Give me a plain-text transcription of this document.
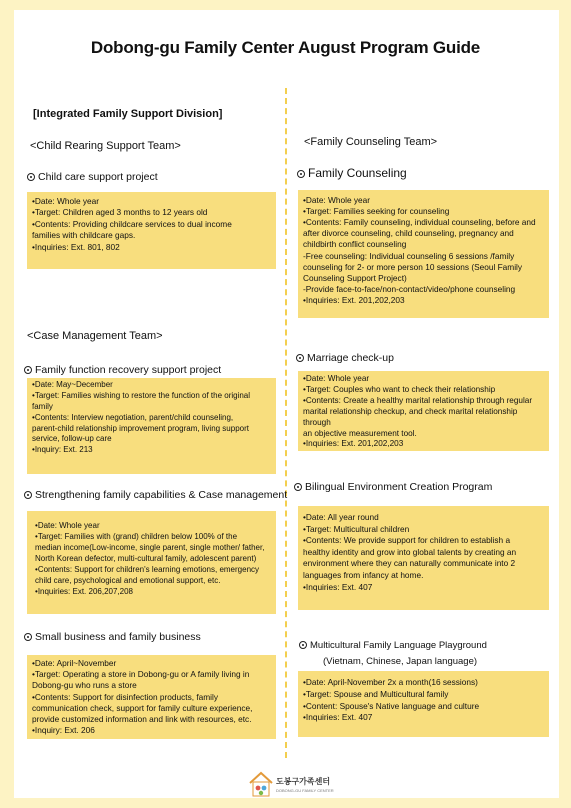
Dobong-gu Family Center August Program Guide
[Integrated Family Support Division]
<Child Rearing Support Team>
Child care support project
• Date: Whole year
• Target: Children aged 3 months to 12 years old
• Contents: Providing childcare services to dual income
families with childcare gaps.
• Inquiries: Ext. 801, 802
<Case Management Team>
Family function recovery support project
• Date: May~December
• Target: Families wishing to restore the function of the original
family
• Contents: Interview negotiation, parent/child counseling,
parent-child relationship improvement program, living support
service, follow-up care
• Inquiry: Ext. 213
Strengthening family capabilities & Case management
• Date: Whole year
• Target: Families with (grand) children below 100% of the
median income(Low-income, single parent, single mother/ father,
North Korean defector, multi-cultural family, adolescent parent)
• Contents: Support for children's learning emotions, emergency
child care, psychological and emotional support, etc.
• Inquiries: Ext. 206,207,208
Small business and family business
• Date: April~November
• Target: Operating a store in Dobong-gu or A family living in
Dobong-gu who runs a store
• Contents: Support for disinfection products, family
communication check, support for family culture experience,
provide customized information and link with resources, etc.
• Inquiry: Ext. 206
<Family Counseling Team>
Family Counseling
• Date: Whole year
• Target: Families seeking for counseling
• Contents: Family counseling, individual counseling, before and
after divorce counseling, child counseling, pregnancy and
childbirth conflict counseling
-Free counseling: Individual counseling 6 sessions /family
counseling for 2- or more person 10 sessions (Seoul Family
Counseling Support Project)
-Provide face-to-face/non-contact/video/phone counseling
• Inquiries: Ext. 201,202,203
Marriage check-up
• Date: Whole year
• Target: Couples who want to check their relationship
• Contents: Create a healthy marital relationship through regular
marital relationship checkup, and check marital relationship through
an objective measurement tool.
• Inquiries: Ext. 201,202,203
Bilingual Environment Creation Program
• Date: All year round
• Target: Multicultural children
• Contents: We provide support for children to establish a
healthy identity and grow into global talents by creating an
environment where they can naturally communicate into 2
languages from infancy at home.
• Inquiries: Ext. 407
Multicultural Family Language Playground
(Vietnam, Chinese, Japan language)
• Date: April-November 2x a month(16 sessions)
• Target: Spouse and Multicultural family
• Content: Spouse's Native language and culture
• Inquiries: Ext. 407
도봉구가족센터
DOBONG-GU FAMILY CENTER
